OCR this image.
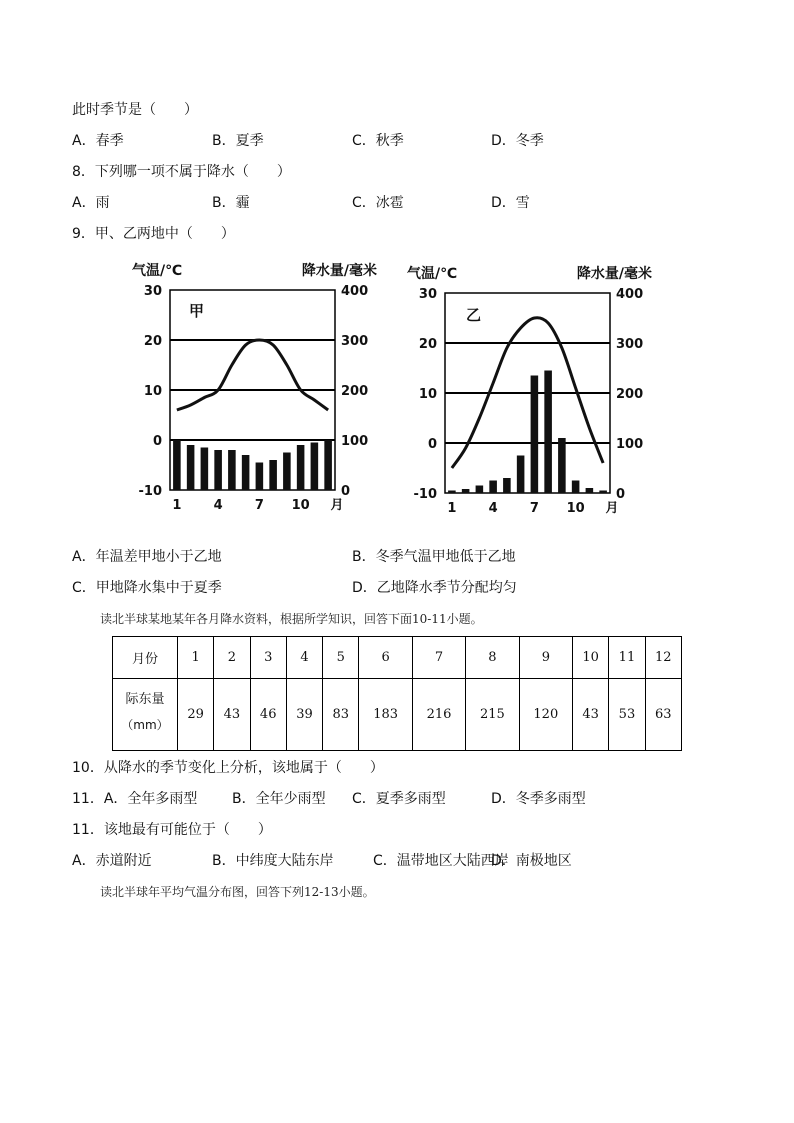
此时季节是（　　）
A．春季	B．夏季	C．秋季	D．冬季
8．下列哪一项不属于降水（　　）
A．雨	B．霾	C．冰雹	D．雪
9．甲、乙两地中（　　）
气温/℃	降水量/毫米
30	400
20	300
10	200
0	100
-10	0
1 4 7 10 月
甲
气温/℃	降水量/毫米
30	400
20	300
10	200
0	100
-10	0
1 4 7 10 月
乙
A．年温差甲地小于乙地	B．冬季气温甲地低于乙地
C．甲地降水集中于夏季	D．乙地降水季节分配均匀
读北半球某地某年各月降水资料，根据所学知识，回答下面10-11小题。
月份	1	2	3	4	5	6	7	8	9	10	11	12

际东量
（mm）	29	43	46	39	83	183	216	215	120	43	53	63
10．从降水的季节变化上分析，该地属于（　　）
11．A．全年多雨型 B．全年少雨型 C．夏季多雨型	D．冬季多雨型
11．该地最有可能位于（　　）
A．赤道附近	B．中纬度大陆东岸	C．温带地区大陆西岸
D．南极地区
读北半球年平均气温分布图，回答下列12-13小题。
